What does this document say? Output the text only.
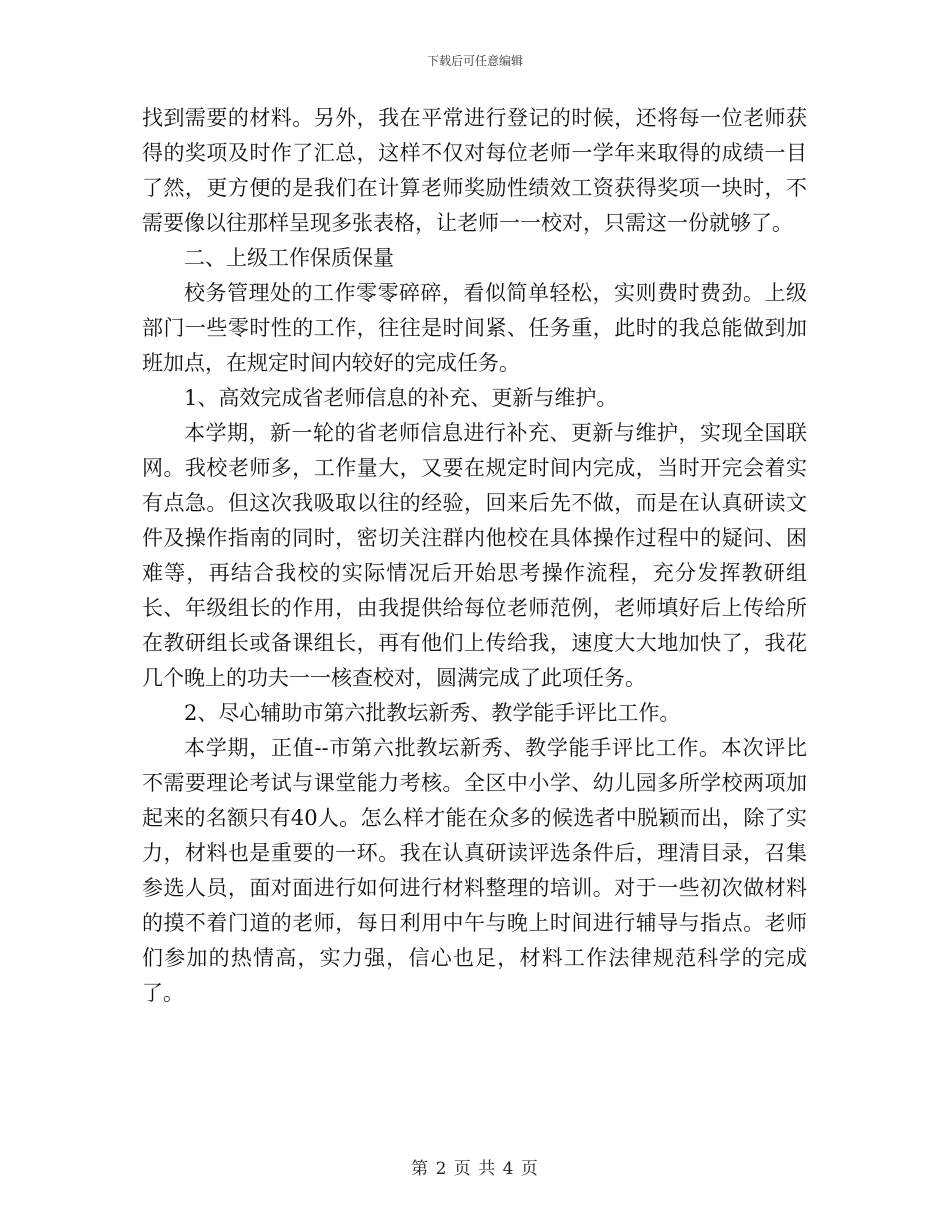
下载后可任意编辑

找到需要的材料。另外，我在平常进行登记的时候，还将每一位老师获得的奖项及时作了汇总，这样不仅对每位老师一学年来取得的成绩一目了然，更方便的是我们在计算老师奖励性绩效工资获得奖项一块时，不需要像以往那样呈现多张表格，让老师一一校对，只需这一份就够了。

二、上级工作保质保量

校务管理处的工作零零碎碎，看似简单轻松，实则费时费劲。上级部门一些零时性的工作，往往是时间紧、任务重，此时的我总能做到加班加点，在规定时间内较好的完成任务。

1、高效完成省老师信息的补充、更新与维护。

本学期，新一轮的省老师信息进行补充、更新与维护，实现全国联网。我校老师多，工作量大，又要在规定时间内完成，当时开完会着实有点急。但这次我吸取以往的经验，回来后先不做，而是在认真研读文件及操作指南的同时，密切关注群内他校在具体操作过程中的疑问、困难等，再结合我校的实际情况后开始思考操作流程，充分发挥教研组长、年级组长的作用，由我提供给每位老师范例，老师填好后上传给所在教研组长或备课组长，再有他们上传给我，速度大大地加快了，我花几个晚上的功夫一一核查校对，圆满完成了此项任务。

2、尽心辅助市第六批教坛新秀、教学能手评比工作。

本学期，正值--市第六批教坛新秀、教学能手评比工作。本次评比不需要理论考试与课堂能力考核。全区中小学、幼儿园多所学校两项加起来的名额只有40人。怎么样才能在众多的候选者中脱颖而出，除了实力，材料也是重要的一环。我在认真研读评选条件后，理清目录，召集参选人员，面对面进行如何进行材料整理的培训。对于一些初次做材料的摸不着门道的老师，每日利用中午与晚上时间进行辅导与指点。老师们参加的热情高，实力强，信心也足，材料工作法律规范科学的完成了。

第 2 页 共 4 页
